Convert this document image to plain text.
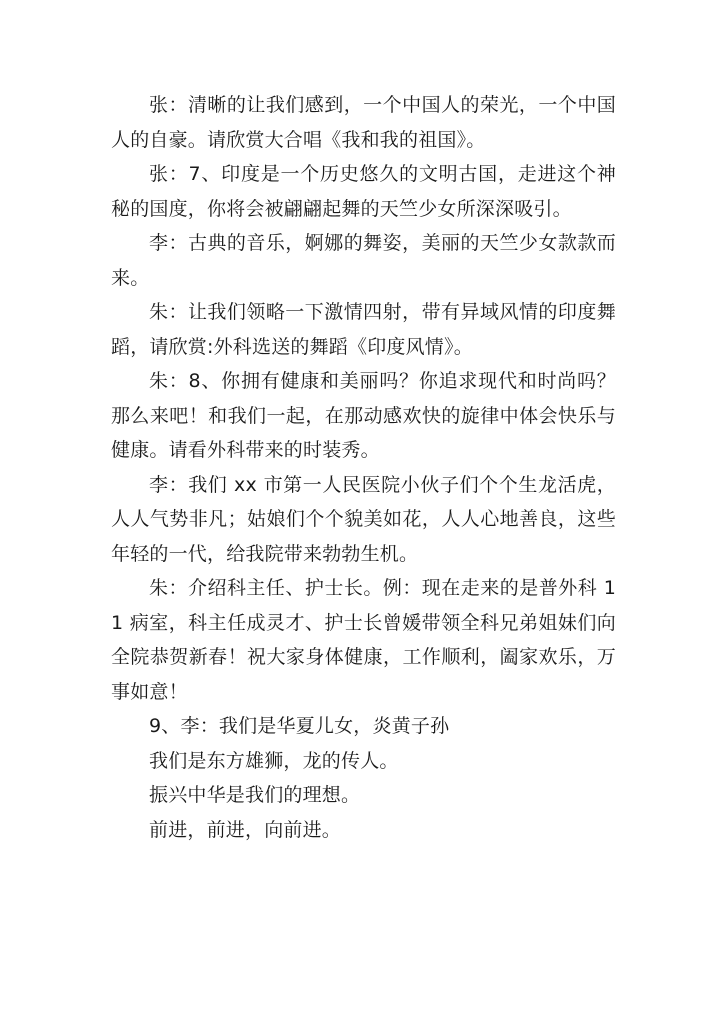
张：清晰的让我们感到，一个中国人的荣光，一个中国人的自豪。请欣赏大合唱《我和我的祖国》。

张：7、印度是一个历史悠久的文明古国，走进这个神秘的国度，你将会被翩翩起舞的天竺少女所深深吸引。

李：古典的音乐，婀娜的舞姿，美丽的天竺少女款款而来。

朱：让我们领略一下激情四射，带有异域风情的印度舞蹈，请欣赏:外科选送的舞蹈《印度风情》。

朱：8、你拥有健康和美丽吗？你追求现代和时尚吗？那么来吧！和我们一起，在那动感欢快的旋律中体会快乐与健康。请看外科带来的时装秀。

李：我们 xx 市第一人民医院小伙子们个个生龙活虎，人人气势非凡；姑娘们个个貌美如花，人人心地善良，这些年轻的一代，给我院带来勃勃生机。

朱：介绍科主任、护士长。例：现在走来的是普外科 11 病室，科主任成灵才、护士长曾媛带领全科兄弟姐妹们向全院恭贺新春！祝大家身体健康，工作顺利，阖家欢乐，万事如意！

9、李：我们是华夏儿女，炎黄子孙

我们是东方雄狮，龙的传人。

振兴中华是我们的理想。

前进，前进，向前进。
